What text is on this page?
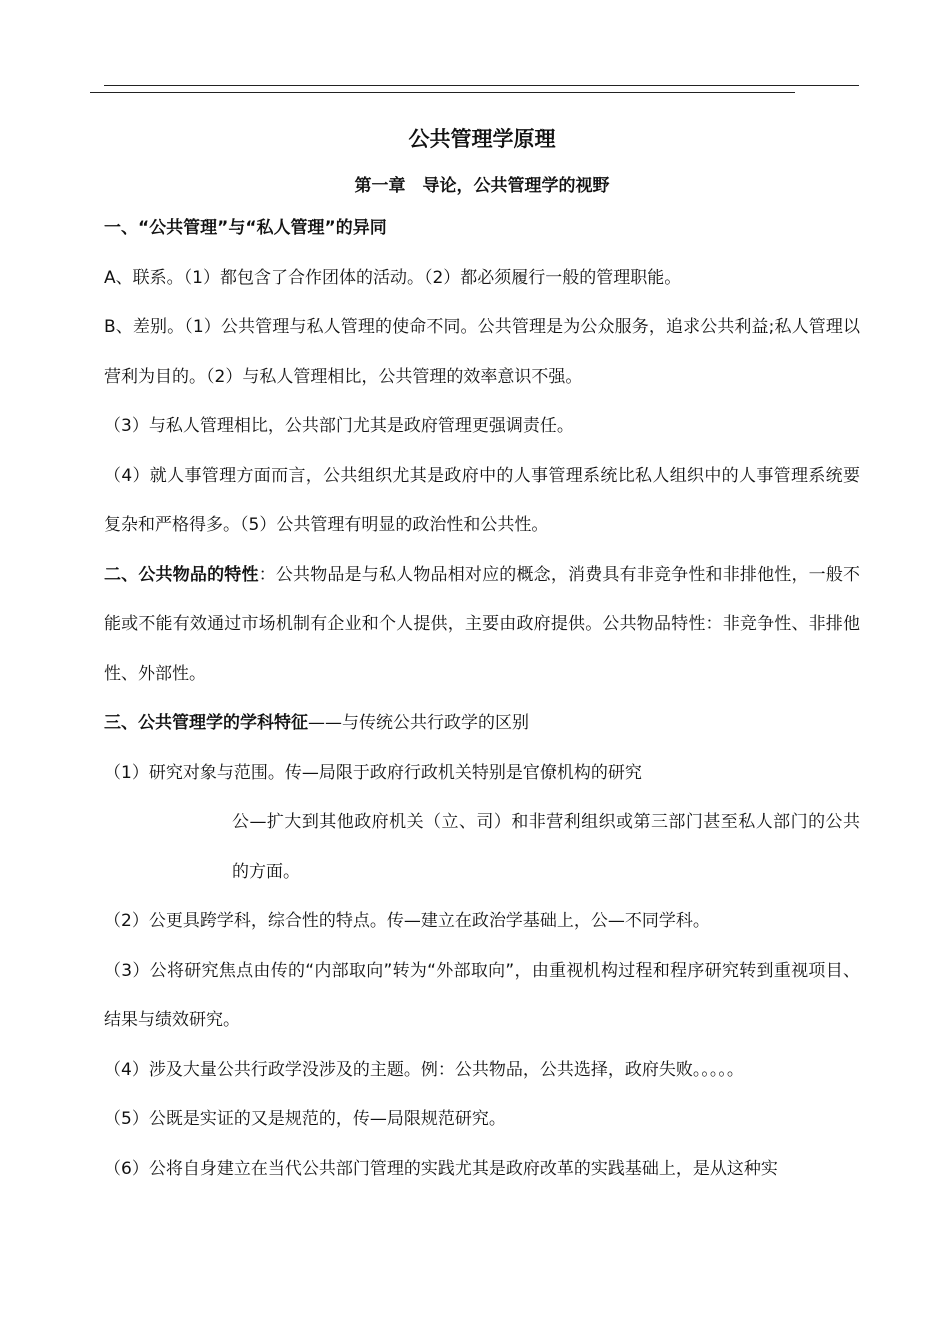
公共管理学原理
第一章　导论，公共管理学的视野

一、“公共管理”与“私人管理”的异同

A、联系。（1）都包含了合作团体的活动。（2）都必须履行一般的管理职能。

B、差别。（1）公共管理与私人管理的使命不同。公共管理是为公众服务，追求公共利益;私人管理以营利为目的。（2）与私人管理相比，公共管理的效率意识不强。

（3）与私人管理相比，公共部门尤其是政府管理更强调责任。

（4）就人事管理方面而言，公共组织尤其是政府中的人事管理系统比私人组织中的人事管理系统要复杂和严格得多。（5）公共管理有明显的政治性和公共性。

二、公共物品的特性：公共物品是与私人物品相对应的概念，消费具有非竞争性和非排他性，一般不能或不能有效通过市场机制有企业和个人提供，主要由政府提供。公共物品特性：非竞争性、非排他性、外部性。

三、公共管理学的学科特征——与传统公共行政学的区别

（1）研究对象与范围。传—局限于政府行政机关特别是官僚机构的研究

公—扩大到其他政府机关（立、司）和非营利组织或第三部门甚至私人部门的公共的方面。

（2）公更具跨学科，综合性的特点。传—建立在政治学基础上，公—不同学科。

（3）公将研究焦点由传的“内部取向”转为“外部取向”，由重视机构过程和程序研究转到重视项目、结果与绩效研究。

（4）涉及大量公共行政学没涉及的主题。例：公共物品，公共选择，政府失败。。。。。

（5）公既是实证的又是规范的，传—局限规范研究。

（6）公将自身建立在当代公共部门管理的实践尤其是政府改革的实践基础上，是从这种实
